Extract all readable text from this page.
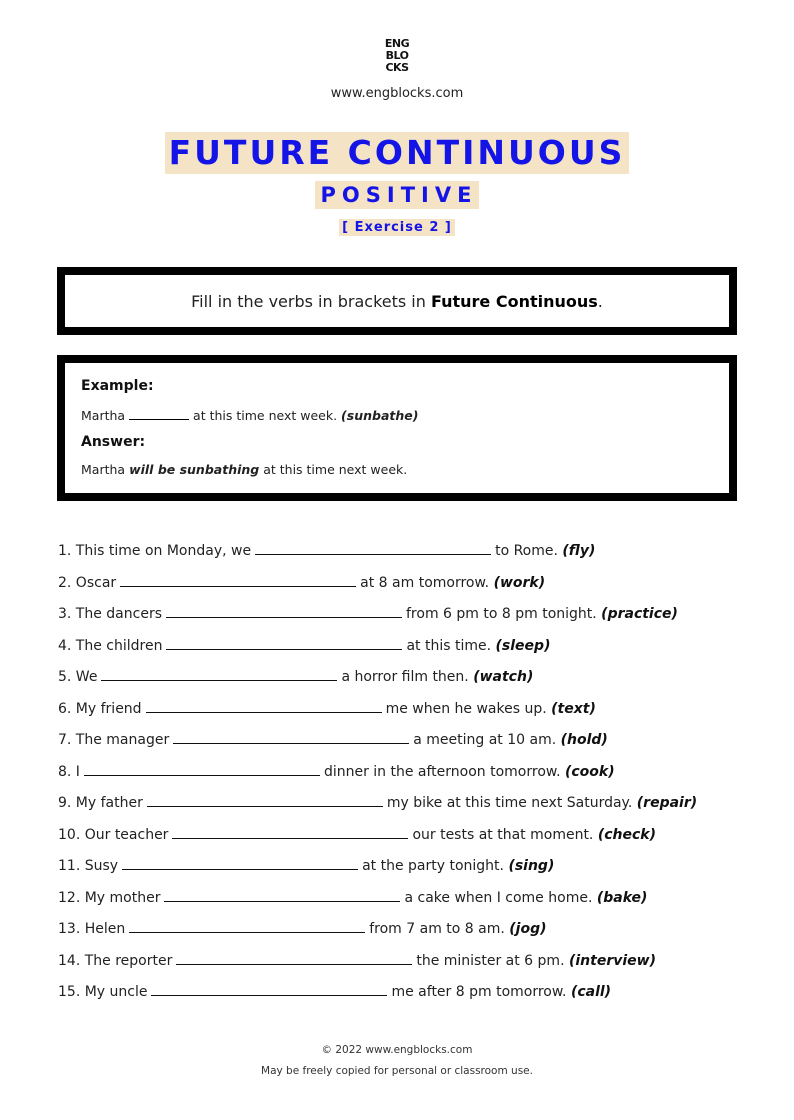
ENG
BLO
CKS
www.engblocks.com
FUTURE CONTINUOUS
POSITIVE
[ Exercise 2 ]
Fill in the verbs in brackets in Future Continuous.
Example:
Martha	at this time next week. (sunbathe)
Answer:
Martha will be sunbathing at this time next week.
1. This time on Monday, we	to Rome. (fly)
2. Oscar	at 8 am tomorrow. (work)
3. The dancers	from 6 pm to 8 pm tonight. (practice)
4. The children	at this time. (sleep)
5. We	a horror film then. (watch)
6. My friend	me when he wakes up. (text)
7. The manager	a meeting at 10 am. (hold)
8. I	dinner in the afternoon tomorrow. (cook)
9. My father	my bike at this time next Saturday. (repair)
10. Our teacher	our tests at that moment. (check)
11. Susy	at the party tonight. (sing)
12. My mother	a cake when I come home. (bake)
13. Helen	from 7 am to 8 am. (jog)
14. The reporter	the minister at 6 pm. (interview)
15. My uncle	me after 8 pm tomorrow. (call)
© 2022 www.engblocks.com
May be freely copied for personal or classroom use.
